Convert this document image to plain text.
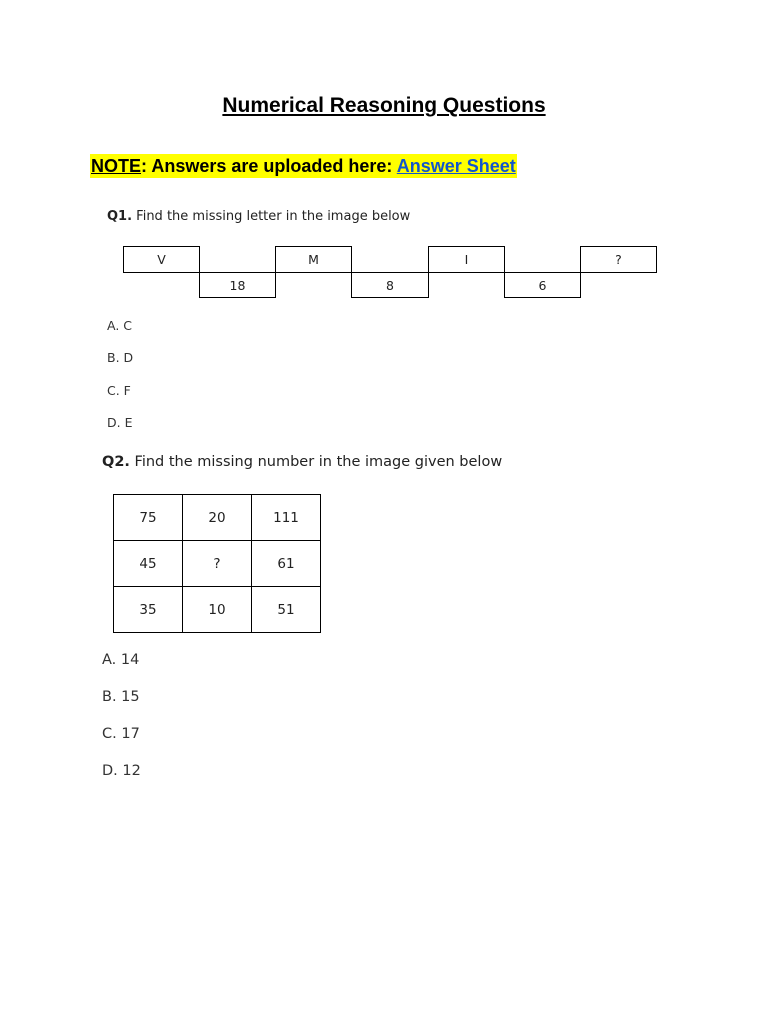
Numerical Reasoning Questions
NOTE: Answers are uploaded here: Answer Sheet
Q1. Find the missing letter in the image below
V	M	I	?
18	8	6
A. C
B. D
C. F
D. E
Q2. Find the missing number in the image given below
75	20	111
45	?	61
35	10	51
A. 14
B. 15
C. 17
D. 12
